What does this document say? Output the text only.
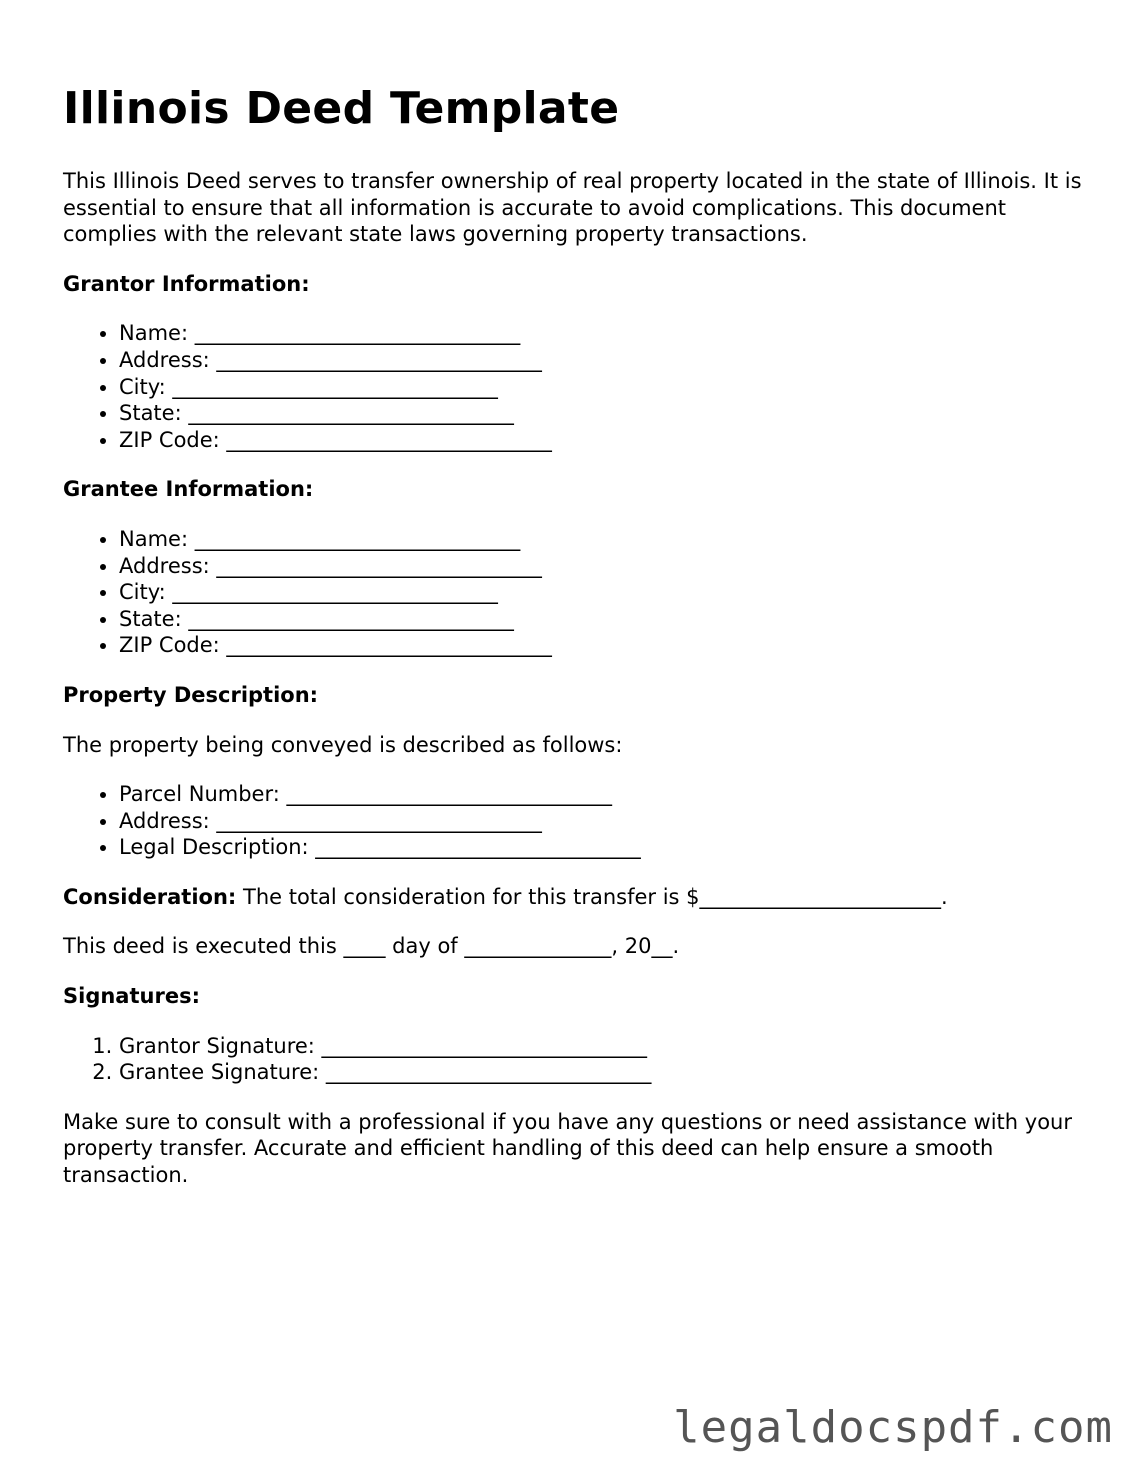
Illinois Deed Template

This Illinois Deed serves to transfer ownership of real property located in the state of Illinois. It is essential to ensure that all information is accurate to avoid complications. This document complies with the relevant state laws governing property transactions.

Grantor Information:

• Name: _______________________________
• Address: _______________________________
• City: _______________________________
• State: _______________________________
• ZIP Code: _______________________________

Grantee Information:

• Name: _______________________________
• Address: _______________________________
• City: _______________________________
• State: _______________________________
• ZIP Code: _______________________________

Property Description:

The property being conveyed is described as follows:

• Parcel Number: _______________________________
• Address: _______________________________
• Legal Description: _______________________________

Consideration: The total consideration for this transfer is $_______________________.

This deed is executed this ____ day of ______________, 20__.

Signatures:

1. Grantor Signature: _______________________________
2. Grantee Signature: _______________________________

Make sure to consult with a professional if you have any questions or need assistance with your property transfer. Accurate and efficient handling of this deed can help ensure a smooth transaction.

legaldocspdf.com
